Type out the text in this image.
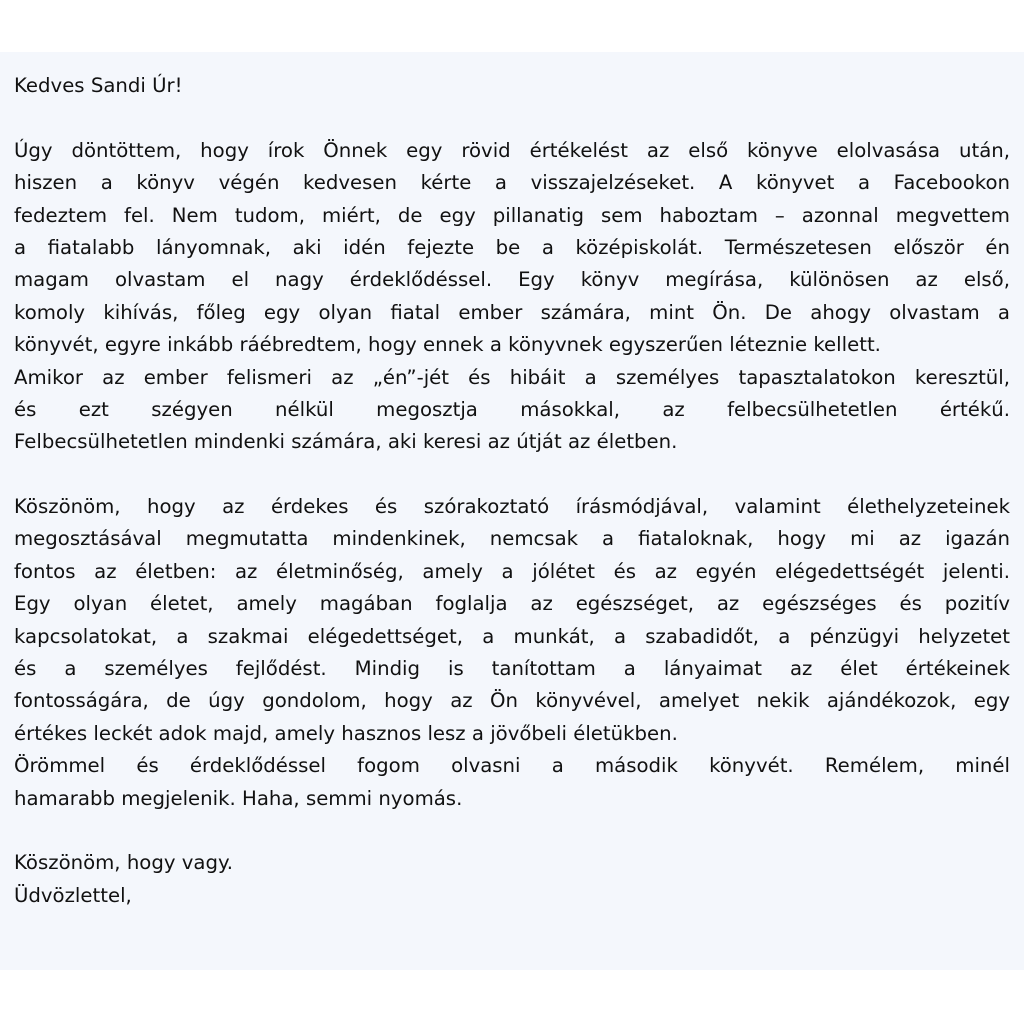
Kedves Sandi Úr!
Úgy döntöttem, hogy írok Önnek egy rövid értékelést az első könyve elolvasása után,
hiszen a könyv végén kedvesen kérte a visszajelzéseket. A könyvet a Facebookon
fedeztem fel. Nem tudom, miért, de egy pillanatig sem haboztam – azonnal megvettem
a fiatalabb lányomnak, aki idén fejezte be a középiskolát. Természetesen először én
magam olvastam el nagy érdeklődéssel. Egy könyv megírása, különösen az első,
komoly kihívás, főleg egy olyan fiatal ember számára, mint Ön. De ahogy olvastam a
könyvét, egyre inkább ráébredtem, hogy ennek a könyvnek egyszerűen léteznie kellett.
Amikor az ember felismeri az „én”-jét és hibáit a személyes tapasztalatokon keresztül,
és ezt szégyen nélkül megosztja másokkal, az felbecsülhetetlen értékű.
Felbecsülhetetlen mindenki számára, aki keresi az útját az életben.
Köszönöm, hogy az érdekes és szórakoztató írásmódjával, valamint élethelyzeteinek
megosztásával megmutatta mindenkinek, nemcsak a fiataloknak, hogy mi az igazán
fontos az életben: az életminőség, amely a jólétet és az egyén elégedettségét jelenti.
Egy olyan életet, amely magában foglalja az egészséget, az egészséges és pozitív
kapcsolatokat, a szakmai elégedettséget, a munkát, a szabadidőt, a pénzügyi helyzetet
és a személyes fejlődést. Mindig is tanítottam a lányaimat az élet értékeinek
fontosságára, de úgy gondolom, hogy az Ön könyvével, amelyet nekik ajándékozok, egy
értékes leckét adok majd, amely hasznos lesz a jövőbeli életükben.
Örömmel és érdeklődéssel fogom olvasni a második könyvét. Remélem, minél
hamarabb megjelenik. Haha, semmi nyomás.
Köszönöm, hogy vagy.
Üdvözlettel,
